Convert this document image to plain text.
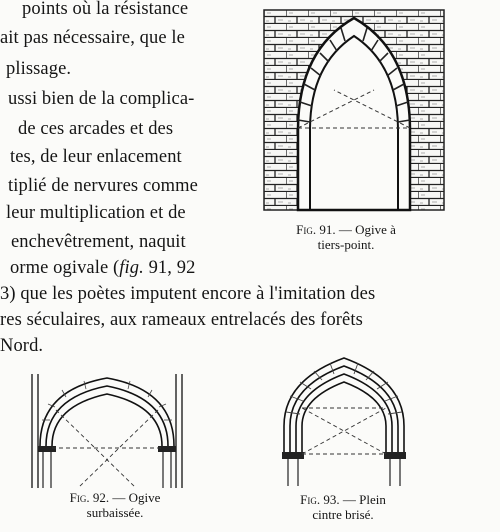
points où la résistance
ait pas nécessaire, que le
plissage.
ussi bien de la complica-
de ces arcades et des
tes, de leur enlacement
tiplié de nervures comme
leur multiplication et de
enchevêtrement, naquit
orme ogivale (fig. 91, 92
3) que les poètes imputent encore à l'imitation des
res séculaires, aux rameaux entrelacés des forêts
Nord.
Fig. 91. — Ogive à
tiers-point.
Fig. 92. — Ogive
surbaissée.
Fig. 93. — Plein
cintre brisé.
